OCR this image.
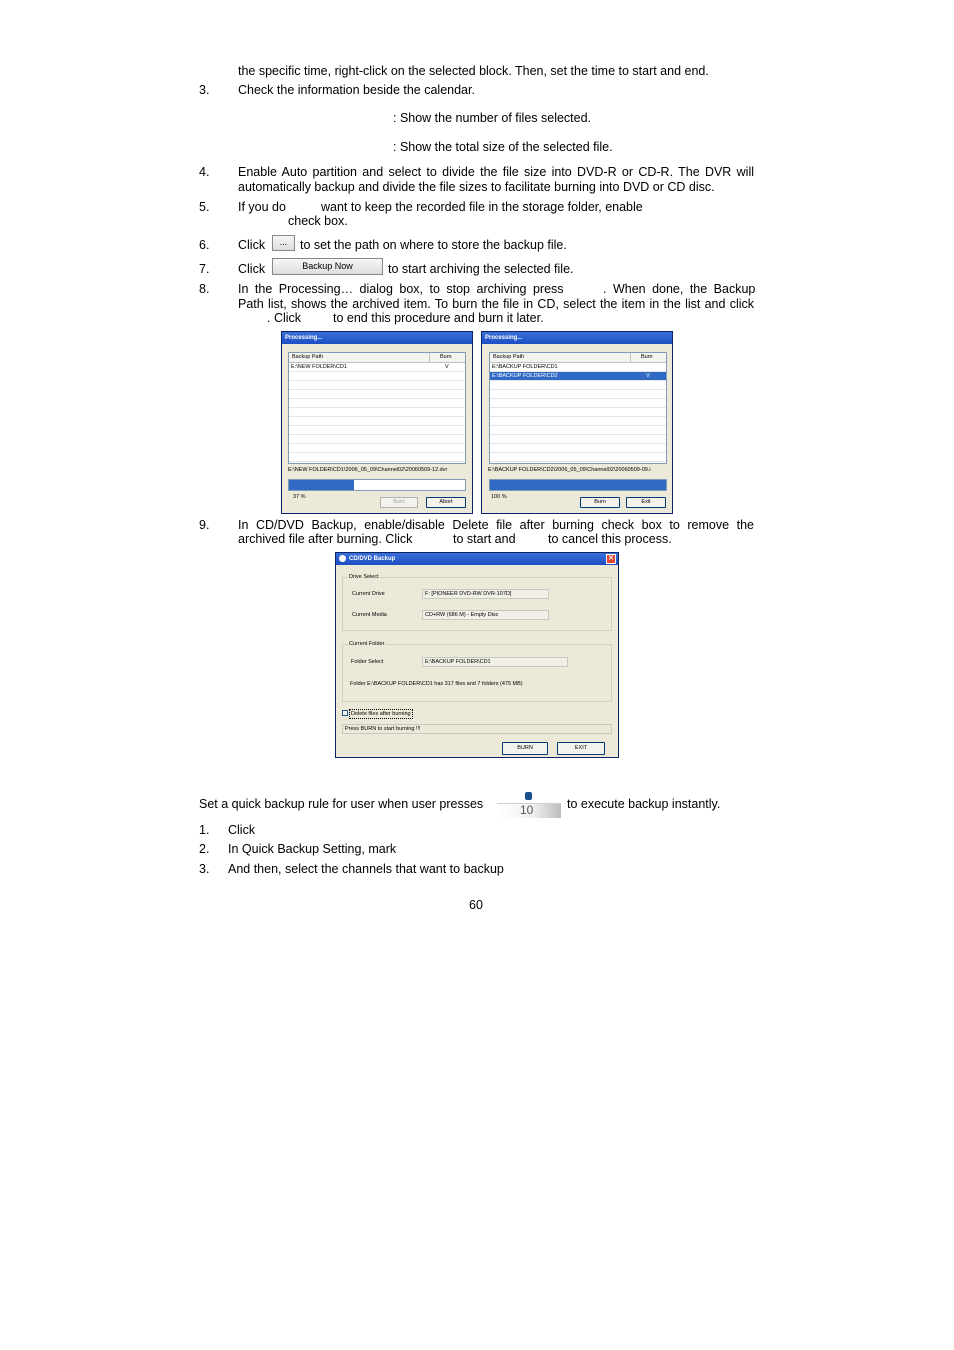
the specific time, right-click on the selected block. Then, set the time to start and end.
3. Check the information beside the calendar.
: Show the number of files selected.
: Show the total size of the selected file.
4. Enable Auto partition and select to divide the file size into DVD-R or CD-R. The DVR will
automatically backup and divide the file sizes to facilitate burning into DVD or CD disc.
5. If you do	want to keep the recorded file in the storage folder, enable
check box.
6. Click	...	to set the path on where to store the backup file.
7. Click	Backup Now	to start archiving the selected file.
8. In the Processing… dialog box, to stop archiving press	. When done, the Backup
Path list, shows the archived item. To burn the file in CD, select the item in the list and click
. Click	to end this procedure and burn it later.
Processing...
Backup Path	Burn
E:\NEW FOLDER\CD1	V
E:\NEW FOLDER\CD1\2006_05_09\Channel02\20060509-12.dvr
37 %
Burn	Abort
Processing...
Backup Path	Burn
E:\BACKUP FOLDER\CD1
E:\BACKUP FOLDER\CD2	V
E:\BACKUP FOLDER\CD2\2006_05_09\Channel02\20060509-09.i
100 %
Burn	Exit
9. In CD/DVD Backup, enable/disable Delete file after burning check box to remove the
archived file after burning. Click	to start and	to cancel this process.
CD/DVD Backup	✕
Drive Select
Current Drive	F: [PIONEER DVD-RW DVR-107D]
Current Media	CD+RW (686 M) - Empty Disc
Current Folder
Folder Select	E:\BACKUP FOLDER\CD1
Folder E:\BACKUP FOLDER\CD1 has 317 files and 7 folders (475 MB)
Delete files after burning
Press BURN to start burning !!!
BURN	EXIT
Set a quick backup rule for user when user presses	10	to execute backup instantly.
1. Click
2. In Quick Backup Setting, mark
3. And then, select the channels that want to backup
60
